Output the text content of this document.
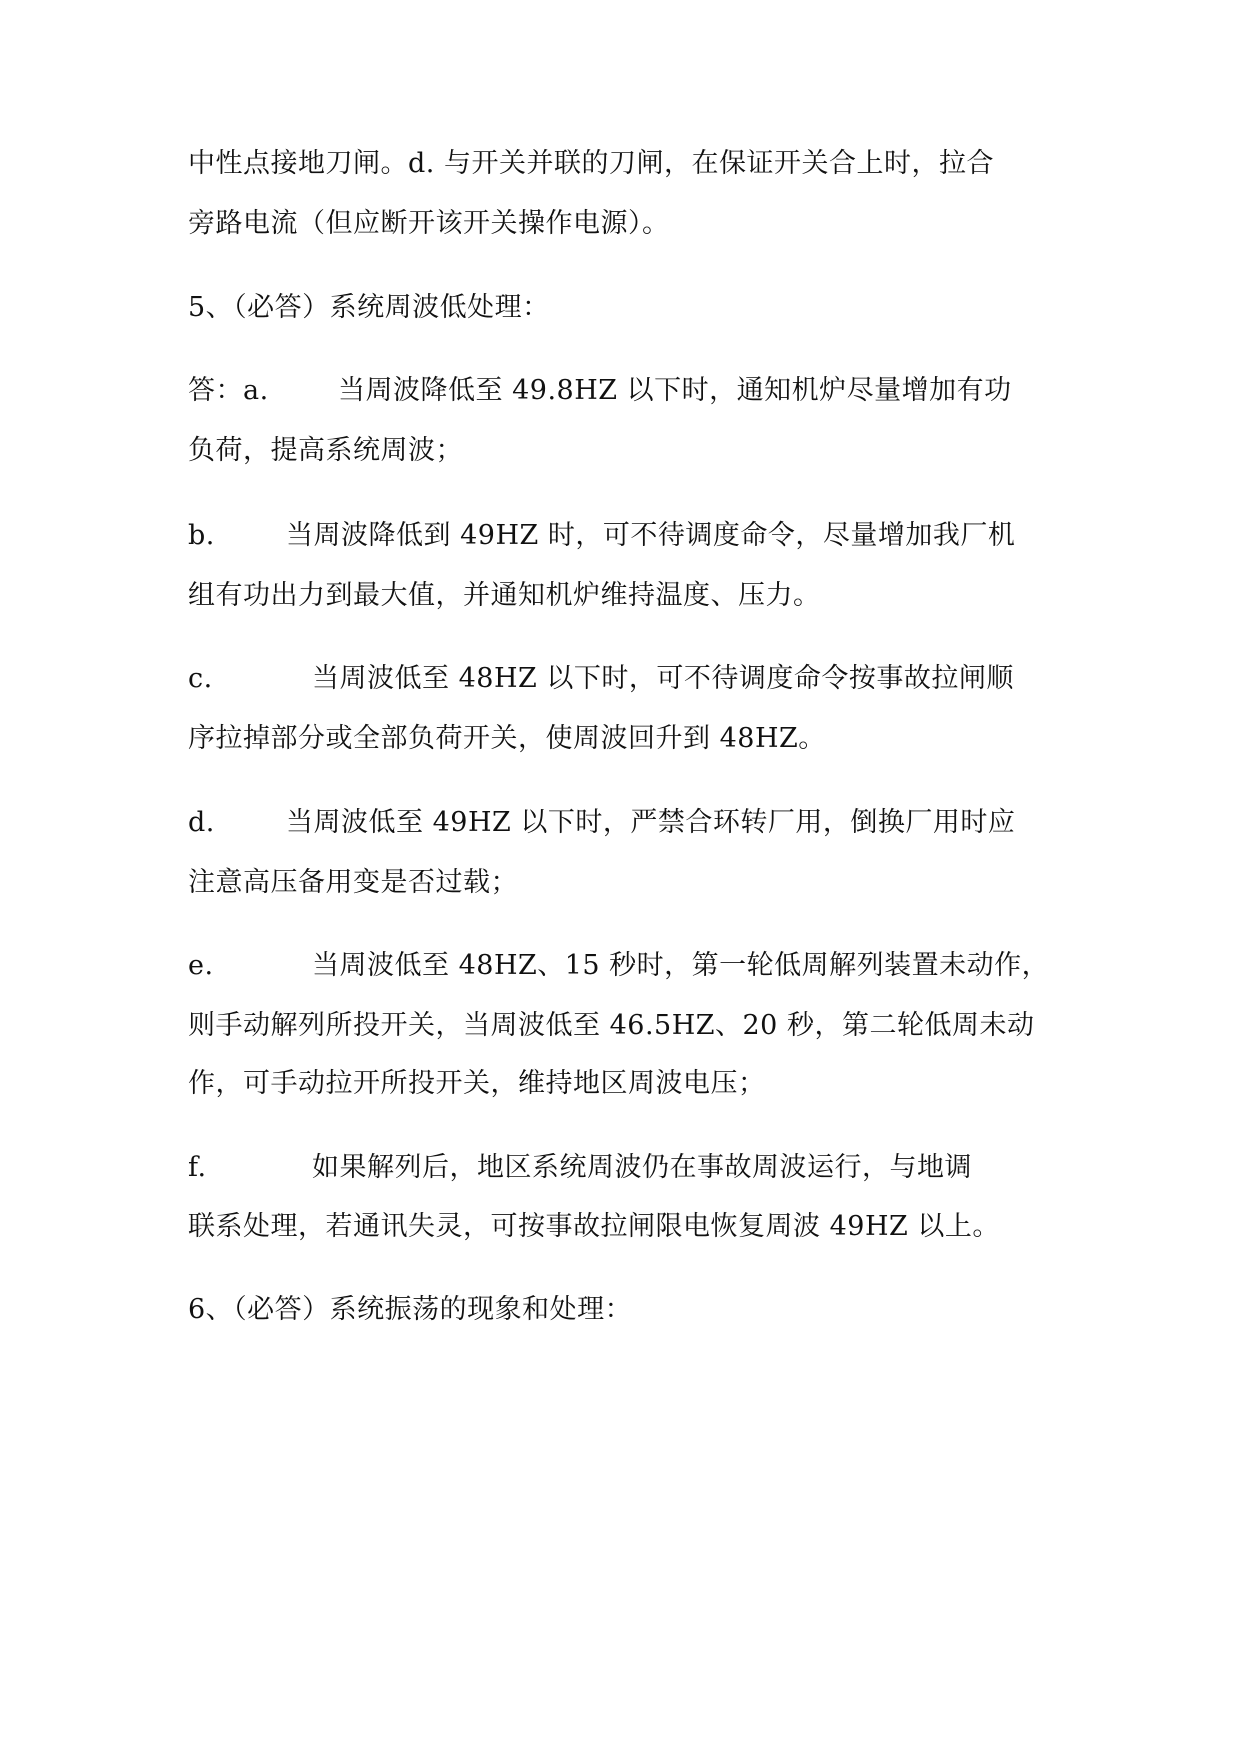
中性点接地刀闸。d. 与开关并联的刀闸，在保证开关合上时，拉合
旁路电流（但应断开该开关操作电源）。
5、（必答）系统周波低处理：
答：a.	当周波降低至 49.8HZ 以下时，通知机炉尽量增加有功
负荷，提高系统周波；
b.	当周波降低到 49HZ 时，可不待调度命令，尽量增加我厂机
组有功出力到最大值，并通知机炉维持温度、压力。
c.	当周波低至 48HZ 以下时，可不待调度命令按事故拉闸顺
序拉掉部分或全部负荷开关，使周波回升到 48HZ。
d.	当周波低至 49HZ 以下时，严禁合环转厂用，倒换厂用时应
注意高压备用变是否过载；
e.	当周波低至 48HZ、15 秒时，第一轮低周解列装置未动作，
则手动解列所投开关，当周波低至 46.5HZ、20 秒，第二轮低周未动
作，可手动拉开所投开关，维持地区周波电压；
f.	如果解列后，地区系统周波仍在事故周波运行，与地调
联系处理，若通讯失灵，可按事故拉闸限电恢复周波 49HZ 以上。
6、（必答）系统振荡的现象和处理：
